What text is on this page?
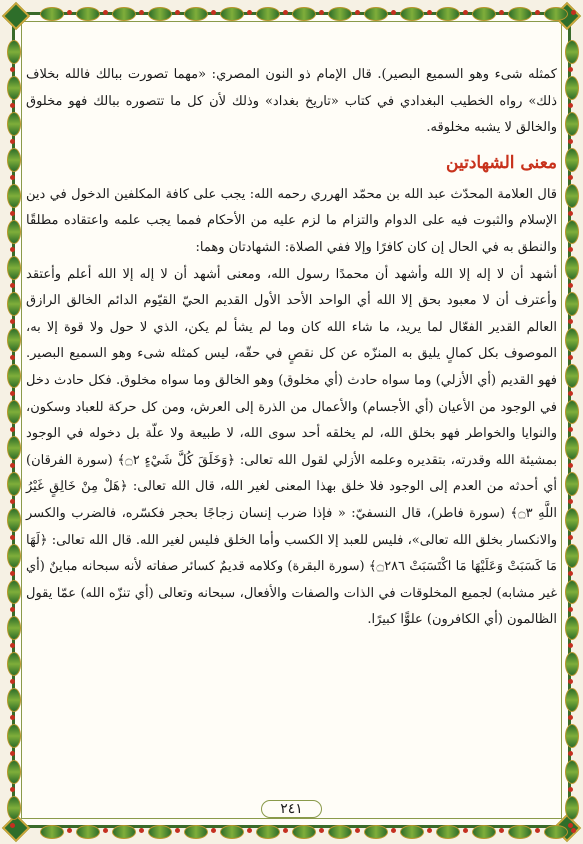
كمثله شىء وهو السميع البصير). قال الإمام ذو النون المصري: «مهما تصورت ببالك فالله بخلاف ذلك» رواه الخطيب البغدادي في كتاب «تاريخ بغداد» وذلك لأن كل ما تتصوره ببالك فهو مخلوق والخالق لا يشبه مخلوقه.

معنى الشهادتين

قال العلامة المحدّث عبد الله بن محمّد الهرري رحمه الله: يجب على كافة المكلفين الدخول في دين الإسلام والثبوت فيه على الدوام والتزام ما لزم عليه من الأحكام فمما يجب علمه واعتقاده مطلقًا والنطق به في الحال إن كان كافرًا وإلا ففي الصلاة: الشهادتان وهما:

أشهد أن لا إله إلا الله وأشهد أن محمدًا رسول الله، ومعنى أشهد أن لا إله إلا الله أعلم وأعتقد وأعترف أن لا معبود بحق إلا الله أي الواحد الأحد الأول القديم الحيّ القيّوم الدائم الخالق الرازق العالم القدير الفعّال لما يريد، ما شاء الله كان وما لم يشأ لم يكن، الذي لا حول ولا قوة إلا به، الموصوف بكل كمالٍ يليق به المنزّه عن كل نقصٍ في حقّه، ليس كمثله شىء وهو السميع البصير. فهو القديم (أي الأزلي) وما سواه حادث (أي مخلوق) وهو الخالق وما سواه مخلوق. فكل حادث دخل في الوجود من الأعيان (أي الأجسام) والأعمال من الذرة إلى العرش، ومن كل حركة للعباد وسكون، والنوايا والخواطر فهو بخلق الله، لم يخلقه أحد سوى الله، لا طبيعة ولا علّة بل دخوله في الوجود بمشيئة الله وقدرته، بتقديره وعلمه الأزلي لقول الله تعالى: ﴿وَخَلَقَ كُلَّ شَيْءٍ ۝٢﴾ (سورة الفرقان) أي أحدثه من العدم إلى الوجود فلا خلق بهذا المعنى لغير الله، قال الله تعالى: ﴿هَلْ مِنْ خَالِقٍ غَيْرُ اللَّهِ ۝٣﴾ (سورة فاطر)، قال النسفيّ: « فإذا ضرب إنسان زجاجًا بحجر فكسّره، فالضرب والكسر والانكسار بخلق الله تعالى»، فليس للعبد إلا الكسب وأما الخلق فليس لغير الله. قال الله تعالى: ﴿لَهَا مَا كَسَبَتْ وَعَلَيْهَا مَا اكْتَسَبَتْ ۝٢٨٦﴾ (سورة البقرة) وكلامه قديمٌ كسائر صفاته لأنه سبحانه مباينٌ (أي غير مشابه) لجميع المخلوقات في الذات والصفات والأفعال، سبحانه وتعالى (أي تنزّه الله) عمّا يقول الظالمون (أي الكافرون) علوًّا كبيرًا.

٢٤١
